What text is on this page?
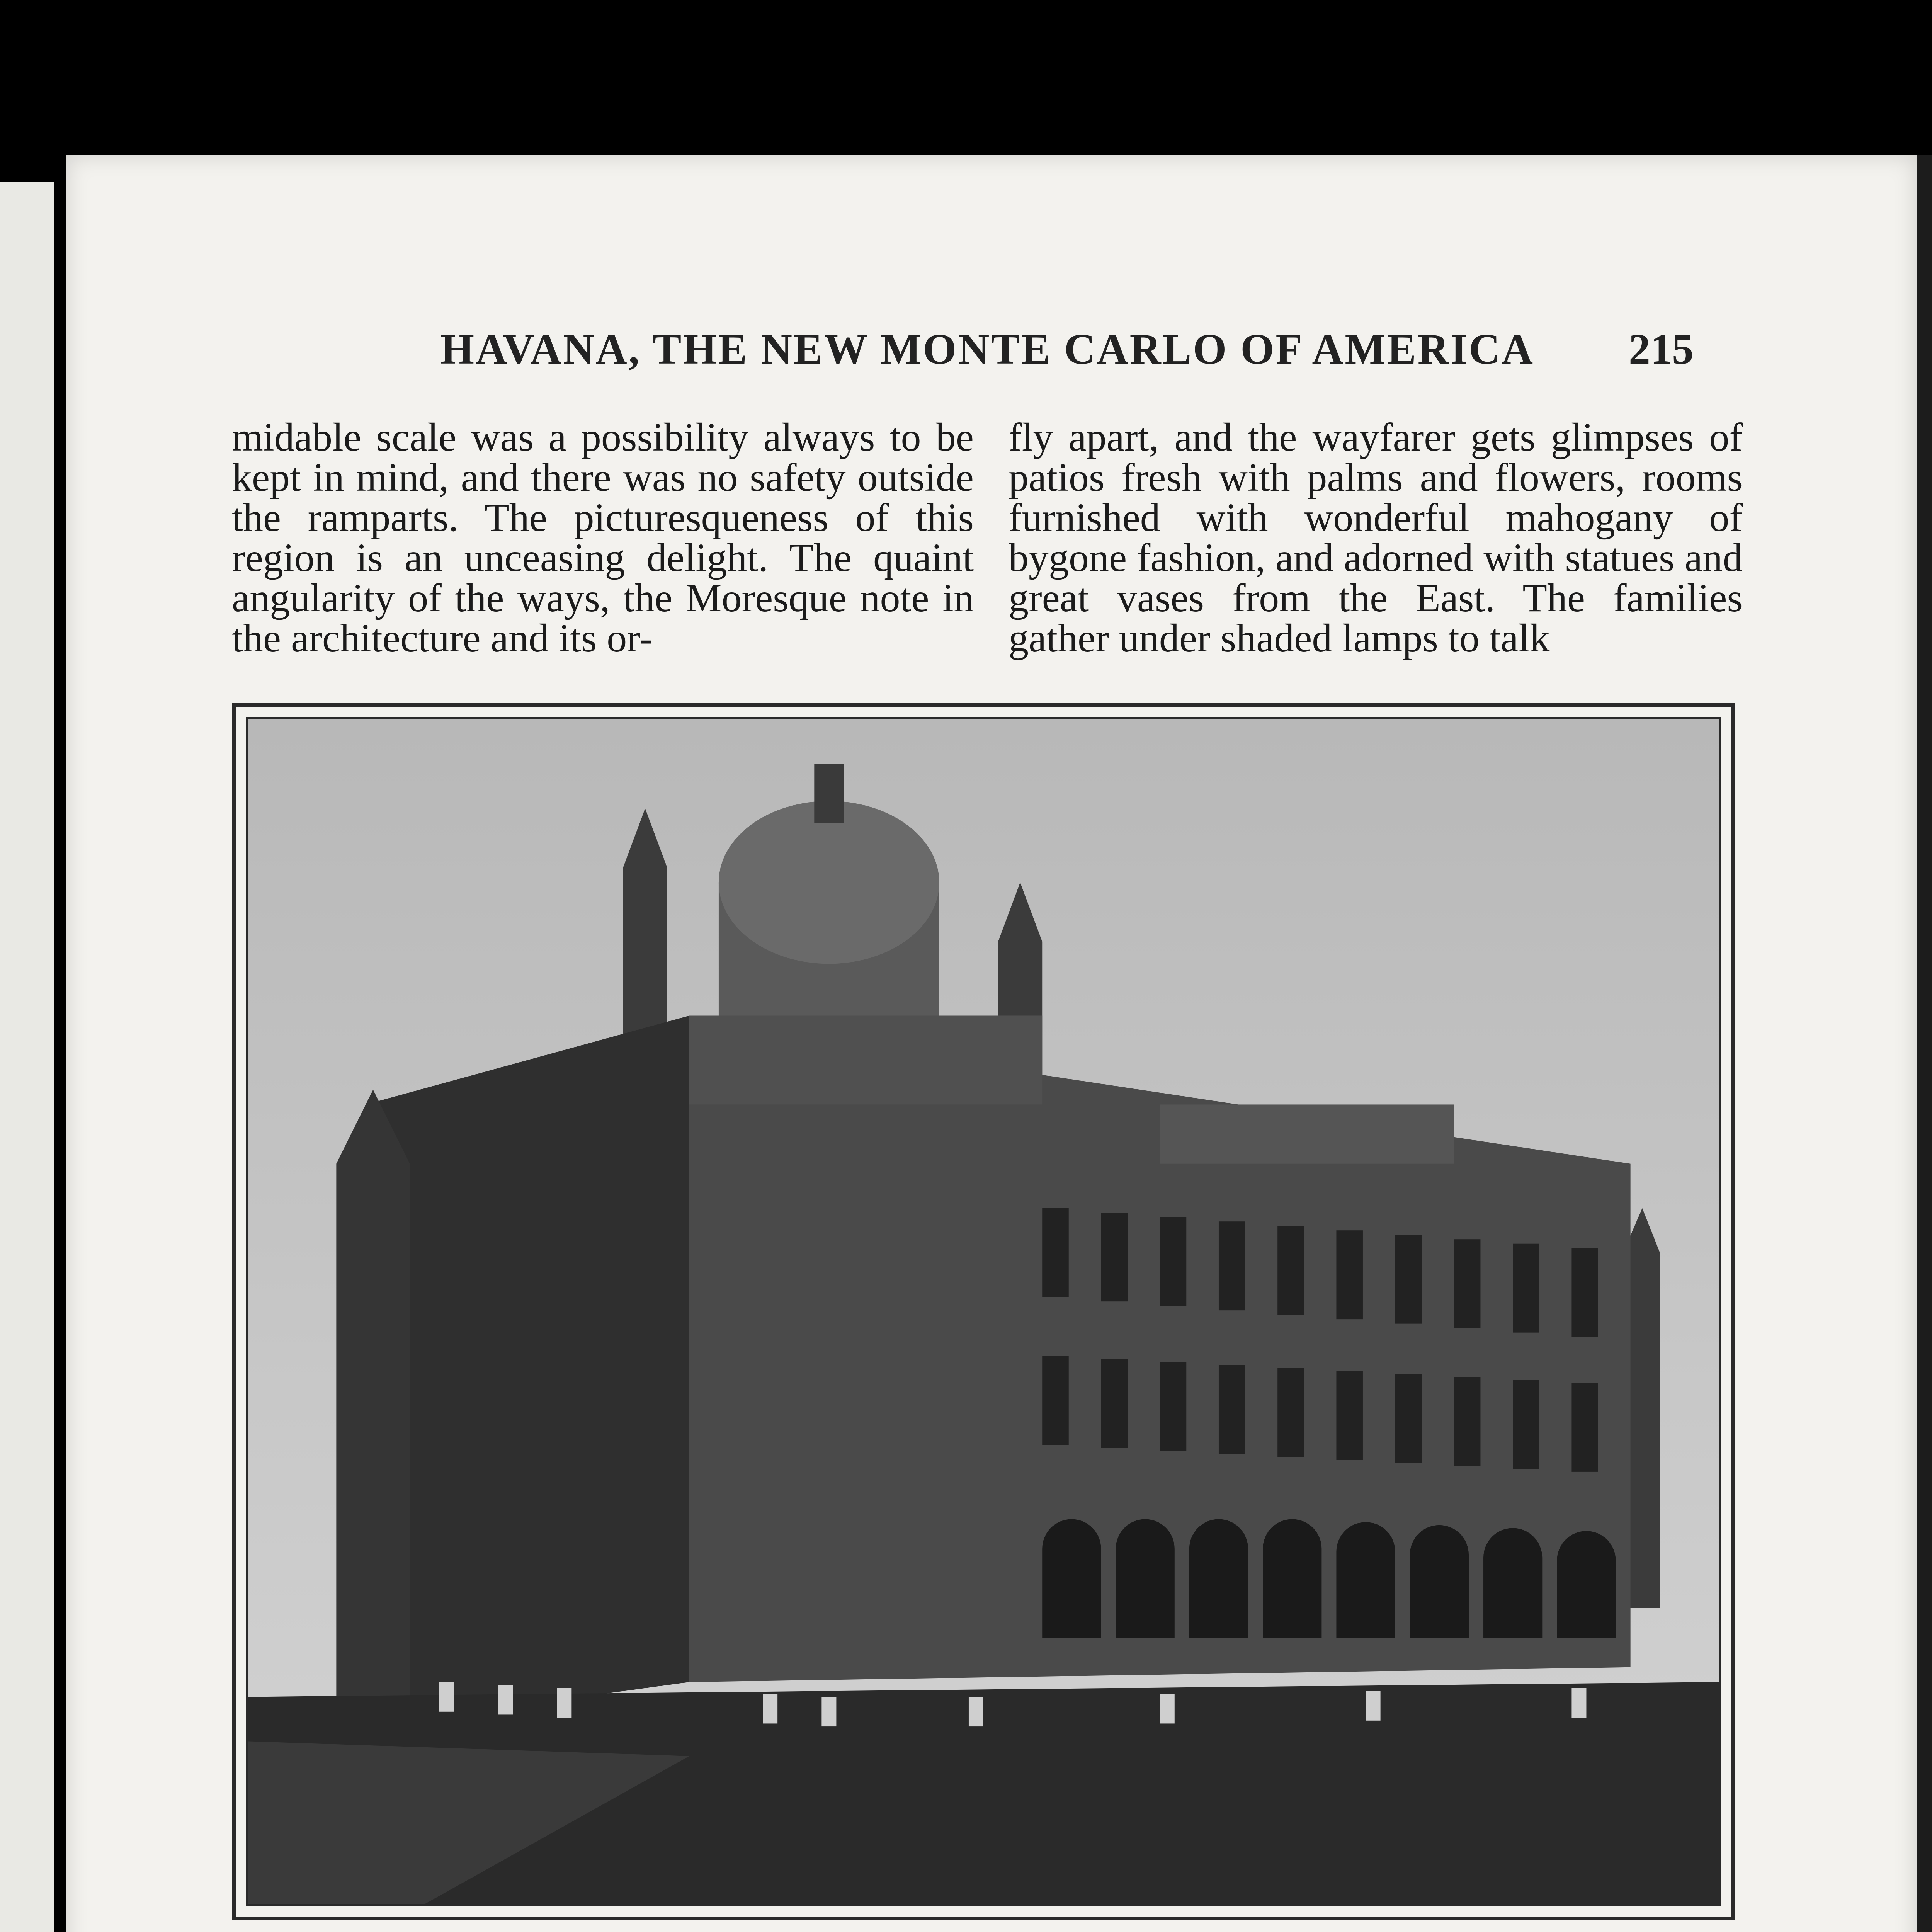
HAVANA, THE NEW MONTE CARLO OF AMERICA 215

midable scale was a possibility always to be kept in mind, and there was no safety outside the ramparts. The picturesqueness of this region is an unceasing delight. The quaint angularity of the ways, the Moresque note in the architecture and its or-

fly apart, and the wayfarer gets glimpses of patios fresh with palms and flowers, rooms furnished with wonderful mahogany of bygone fashion, and adorned with statues and great vases from the East. The families gather under shaded lamps to talk
